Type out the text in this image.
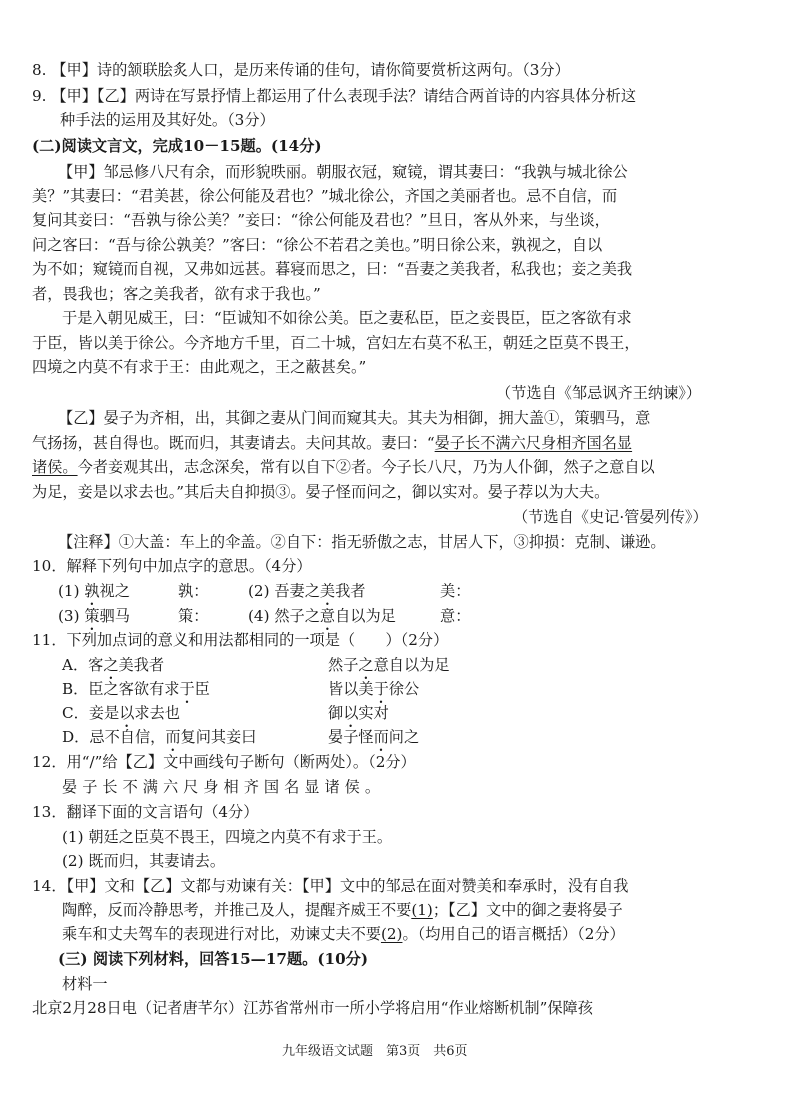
8. 【甲】诗的颔联脍炙人口，是历来传诵的佳句，请你简要赏析这两句。（3分）
9. 【甲】【乙】两诗在写景抒情上都运用了什么表现手法？请结合两首诗的内容具体分析这
种手法的运用及其好处。（3分）
(二)阅读文言文，完成10－15题。(14分)
【甲】邹忌修八尺有余，而形貌昳丽。朝服衣冠，窥镜，谓其妻曰：“我孰与城北徐公
美？”其妻曰：“君美甚，徐公何能及君也？”城北徐公，齐国之美丽者也。忌不自信，而
复问其妾曰：“吾孰与徐公美？”妾曰：“徐公何能及君也？”旦日，客从外来，与坐谈，
问之客曰：“吾与徐公孰美？”客曰：“徐公不若君之美也。”明日徐公来，孰视之，自以
为不如；窥镜而自视，又弗如远甚。暮寝而思之，曰：“吾妻之美我者，私我也；妾之美我
者，畏我也；客之美我者，欲有求于我也。”
于是入朝见威王，曰：“臣诚知不如徐公美。臣之妻私臣，臣之妾畏臣，臣之客欲有求
于臣，皆以美于徐公。今齐地方千里，百二十城，宫妇左右莫不私王，朝廷之臣莫不畏王，
四境之内莫不有求于王：由此观之，王之蔽甚矣。”
（节选自《邹忌讽齐王纳谏》）
【乙】晏子为齐相，出，其御之妻从门间而窥其夫。其夫为相御，拥大盖①，策驷马，意
气扬扬，甚自得也。既而归，其妻请去。夫问其故。妻曰：“晏子长不满六尺身相齐国名显
诸侯。今者妾观其出，志念深矣，常有以自下②者。今子长八尺，乃为人仆御，然子之意自以
为足，妾是以求去也。”其后夫自抑损③。晏子怪而问之，御以实对。晏子荐以为大夫。
（节选自《史记·管晏列传》）
【注释】①大盖：车上的伞盖。②自下：指无骄傲之志，甘居人下，③抑损：克制、谦逊。
10．解释下列句中加点字的意思。（4分）
(1) 孰视之	孰：	(2) 吾妻之美我者	美：
(3) 策驷马	策：	(4) 然子之意自以为足	意：
11．下列加点词的意义和用法都相同的一项是（　　）（2分）
A．客之美我者	然子之意自以为足
B．臣之客欲有求于臣	皆以美于徐公
C．妾是以求去也	御以实对
D．忌不自信，而复问其妾曰	晏子怪而问之
12．用“/”给【乙】文中画线句子断句（断两处）。（2分）
晏子长不满六尺身相齐国名显诸侯。
13．翻译下面的文言语句（4分）
(1) 朝廷之臣莫不畏王，四境之内莫不有求于王。
(2) 既而归，其妻请去。
14．【甲】文和【乙】文都与劝谏有关：【甲】文中的邹忌在面对赞美和奉承时，没有自我
陶醉，反而冷静思考，并推己及人，提醒齐威王不要(1)；【乙】文中的御之妻将晏子
乘车和丈夫驾车的表现进行对比，劝谏丈夫不要(2)。（均用自己的语言概括）（2分）
(三) 阅读下列材料，回答15—17题。(10分)
材料一
北京2月28日电（记者唐芊尔）江苏省常州市一所小学将启用“作业熔断机制”保障孩
九年级语文试题　第3页　共6页
